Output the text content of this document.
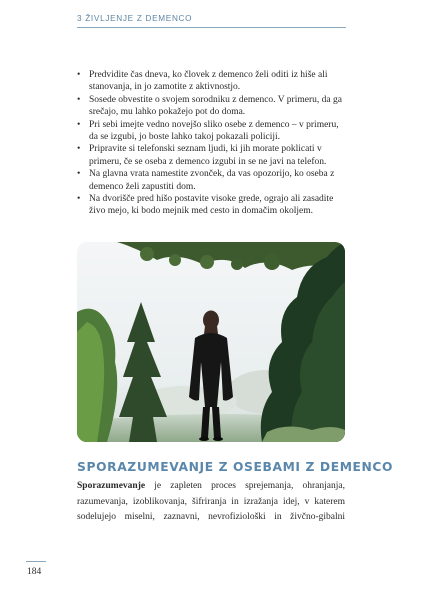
3 ŽIVLJENJE Z DEMENCO
• Predvidite čas dneva, ko človek z demenco želi oditi iz hiše ali stanovanja, in jo zamotite z aktivnostjo.
• Sosede obvestite o svojem sorodniku z demenco. V primeru, da ga srečajo, mu lahko pokažejo pot do doma.
• Pri sebi imejte vedno novejšo sliko osebe z demenco – v primeru, da se izgubi, jo boste lahko takoj pokazali policiji.
• Pripravite si telefonski seznam ljudi, ki jih morate poklicati v primeru, če se oseba z demenco izgubi in se ne javi na telefon.
• Na glavna vrata namestite zvonček, da vas opozorijo, ko oseba z demenco želi zapustiti dom.
• Na dvorišče pred hišo postavite visoke grede, ograjo ali zasadite živo mejo, ki bodo mejnik med cesto in domačim okoljem.
SPORAZUMEVANJE Z OSEBAMI Z DEMENCO

Sporazumevanje je zapleten proces sprejemanja, ohranjanja, razumevanja, izoblikovanja, šifriranja in izražanja idej, v katerem sodelujejo miselni, zaznavni, nevrofiziološki in živčno-gibalni

184
